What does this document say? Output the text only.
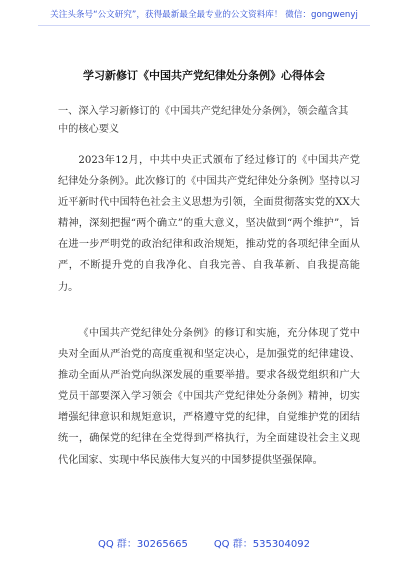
关注头条号“公文研究”，获得最新最全最专业的公文资料库！ 微信：gongwenyj
学习新修订《中国共产党纪律处分条例》心得体会
一、深入学习新修订的《中国共产党纪律处分条例》，领会蕴含其中的核心要义
2023年12月，中共中央正式颁布了经过修订的《中国共产党纪律处分条例》。此次修订的《中国共产党纪律处分条例》坚持以习近平新时代中国特色社会主义思想为引领，全面贯彻落实党的XX大精神，深刻把握“两个确立”的重大意义，坚决做到“两个维护”，旨在进一步严明党的政治纪律和政治规矩，推动党的各项纪律全面从严，不断提升党的自我净化、自我完善、自我革新、自我提高能力。
《中国共产党纪律处分条例》的修订和实施，充分体现了党中央对全面从严治党的高度重视和坚定决心，是加强党的纪律建设、推动全面从严治党向纵深发展的重要举措。要求各级党组织和广大党员干部要深入学习领会《中国共产党纪律处分条例》精神，切实增强纪律意识和规矩意识，严格遵守党的纪律，自觉维护党的团结统一，确保党的纪律在全党得到严格执行，为全面建设社会主义现代化国家、实现中华民族伟大复兴的中国梦提供坚强保障。
QQ 群：30265665	QQ 群：535304092
